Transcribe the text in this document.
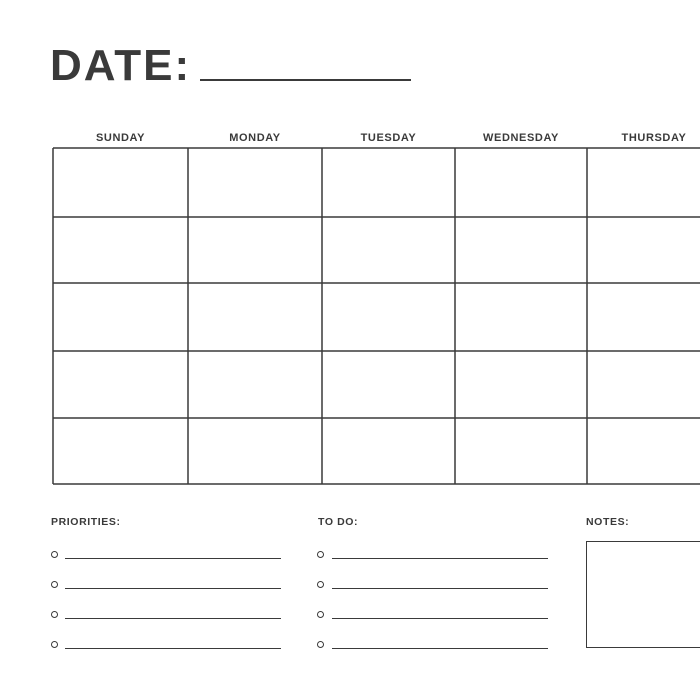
DATE:
SUNDAY	MONDAY	TUESDAY	WEDNESDAY	THURSDAY
PRIORITIES:	TO DO:	NOTES:
